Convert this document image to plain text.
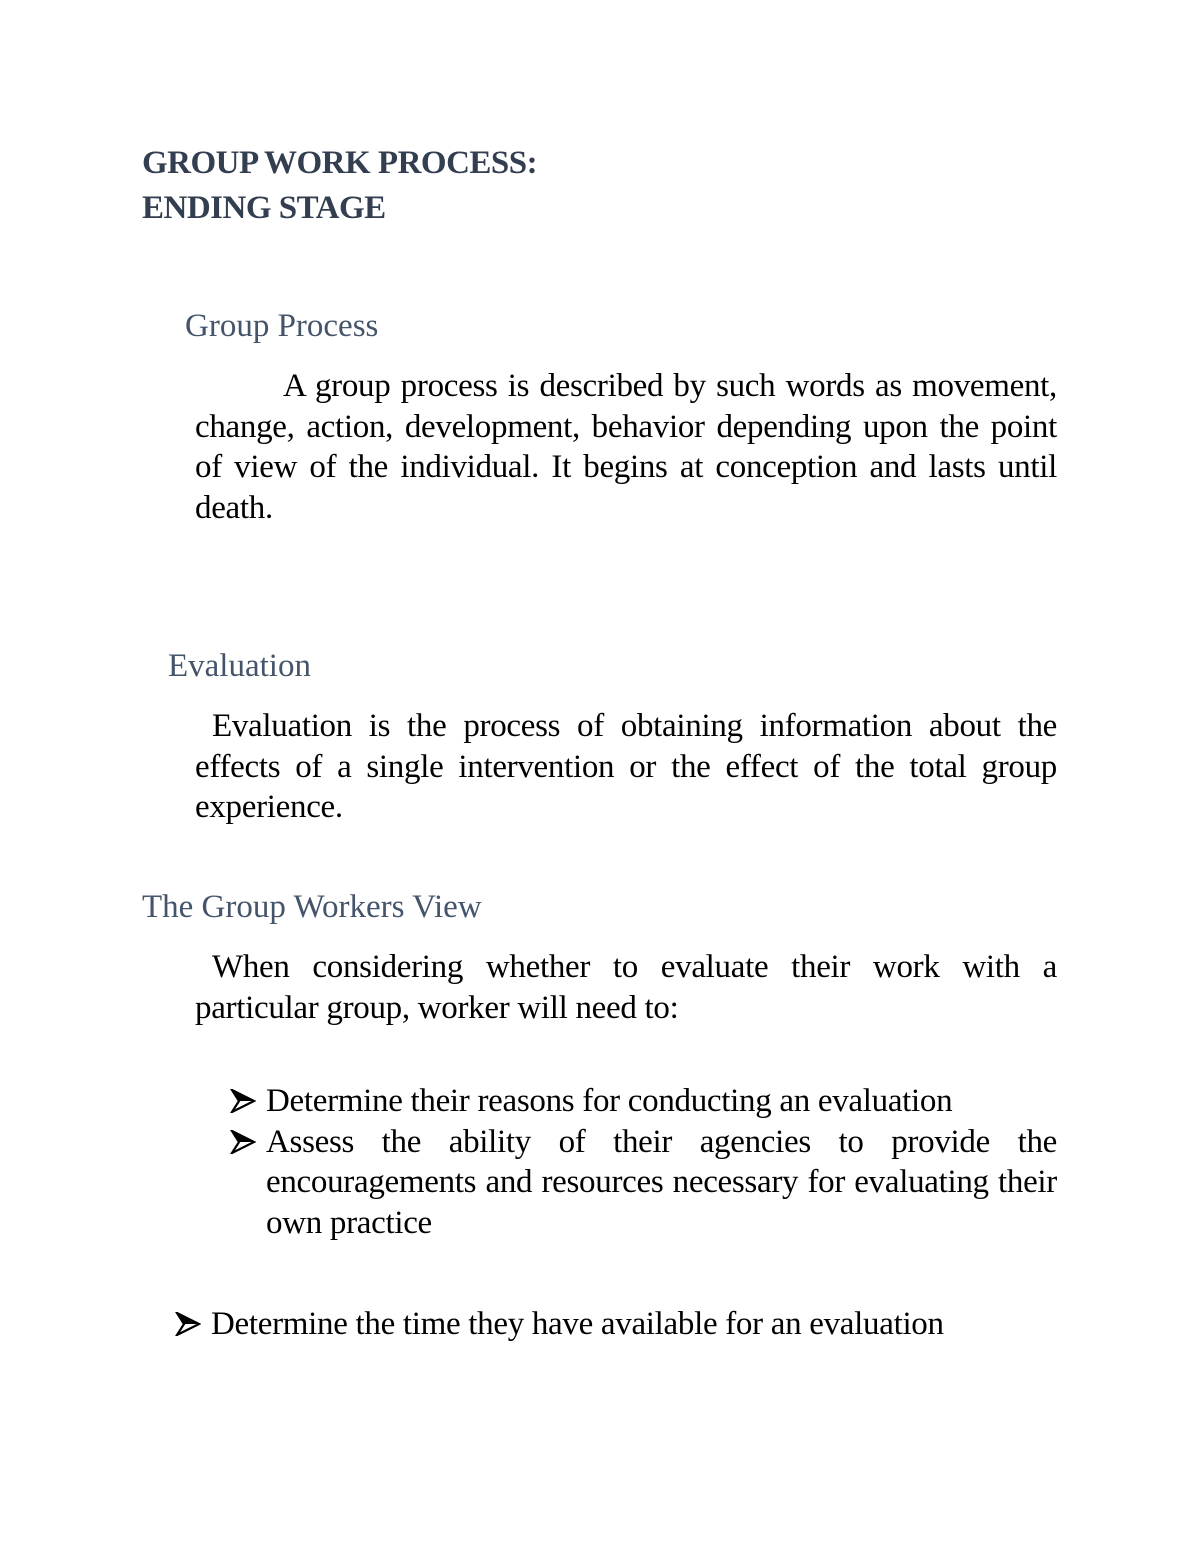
GROUP WORK PROCESS:
ENDING STAGE
Group Process

A group process is described by such words as movement, change, action, development, behavior depending upon the point of view of the individual. It begins at conception and lasts until death.

Evaluation

Evaluation is the process of obtaining information about the effects of a single intervention or the effect of the total group experience.

The Group Workers View

When considering whether to evaluate their work with a particular group, worker will need to:

Determine their reasons for conducting an evaluation
Assess the ability of their agencies to provide the encouragements and resources necessary for evaluating their own practice
Determine the time they have available for an evaluation
